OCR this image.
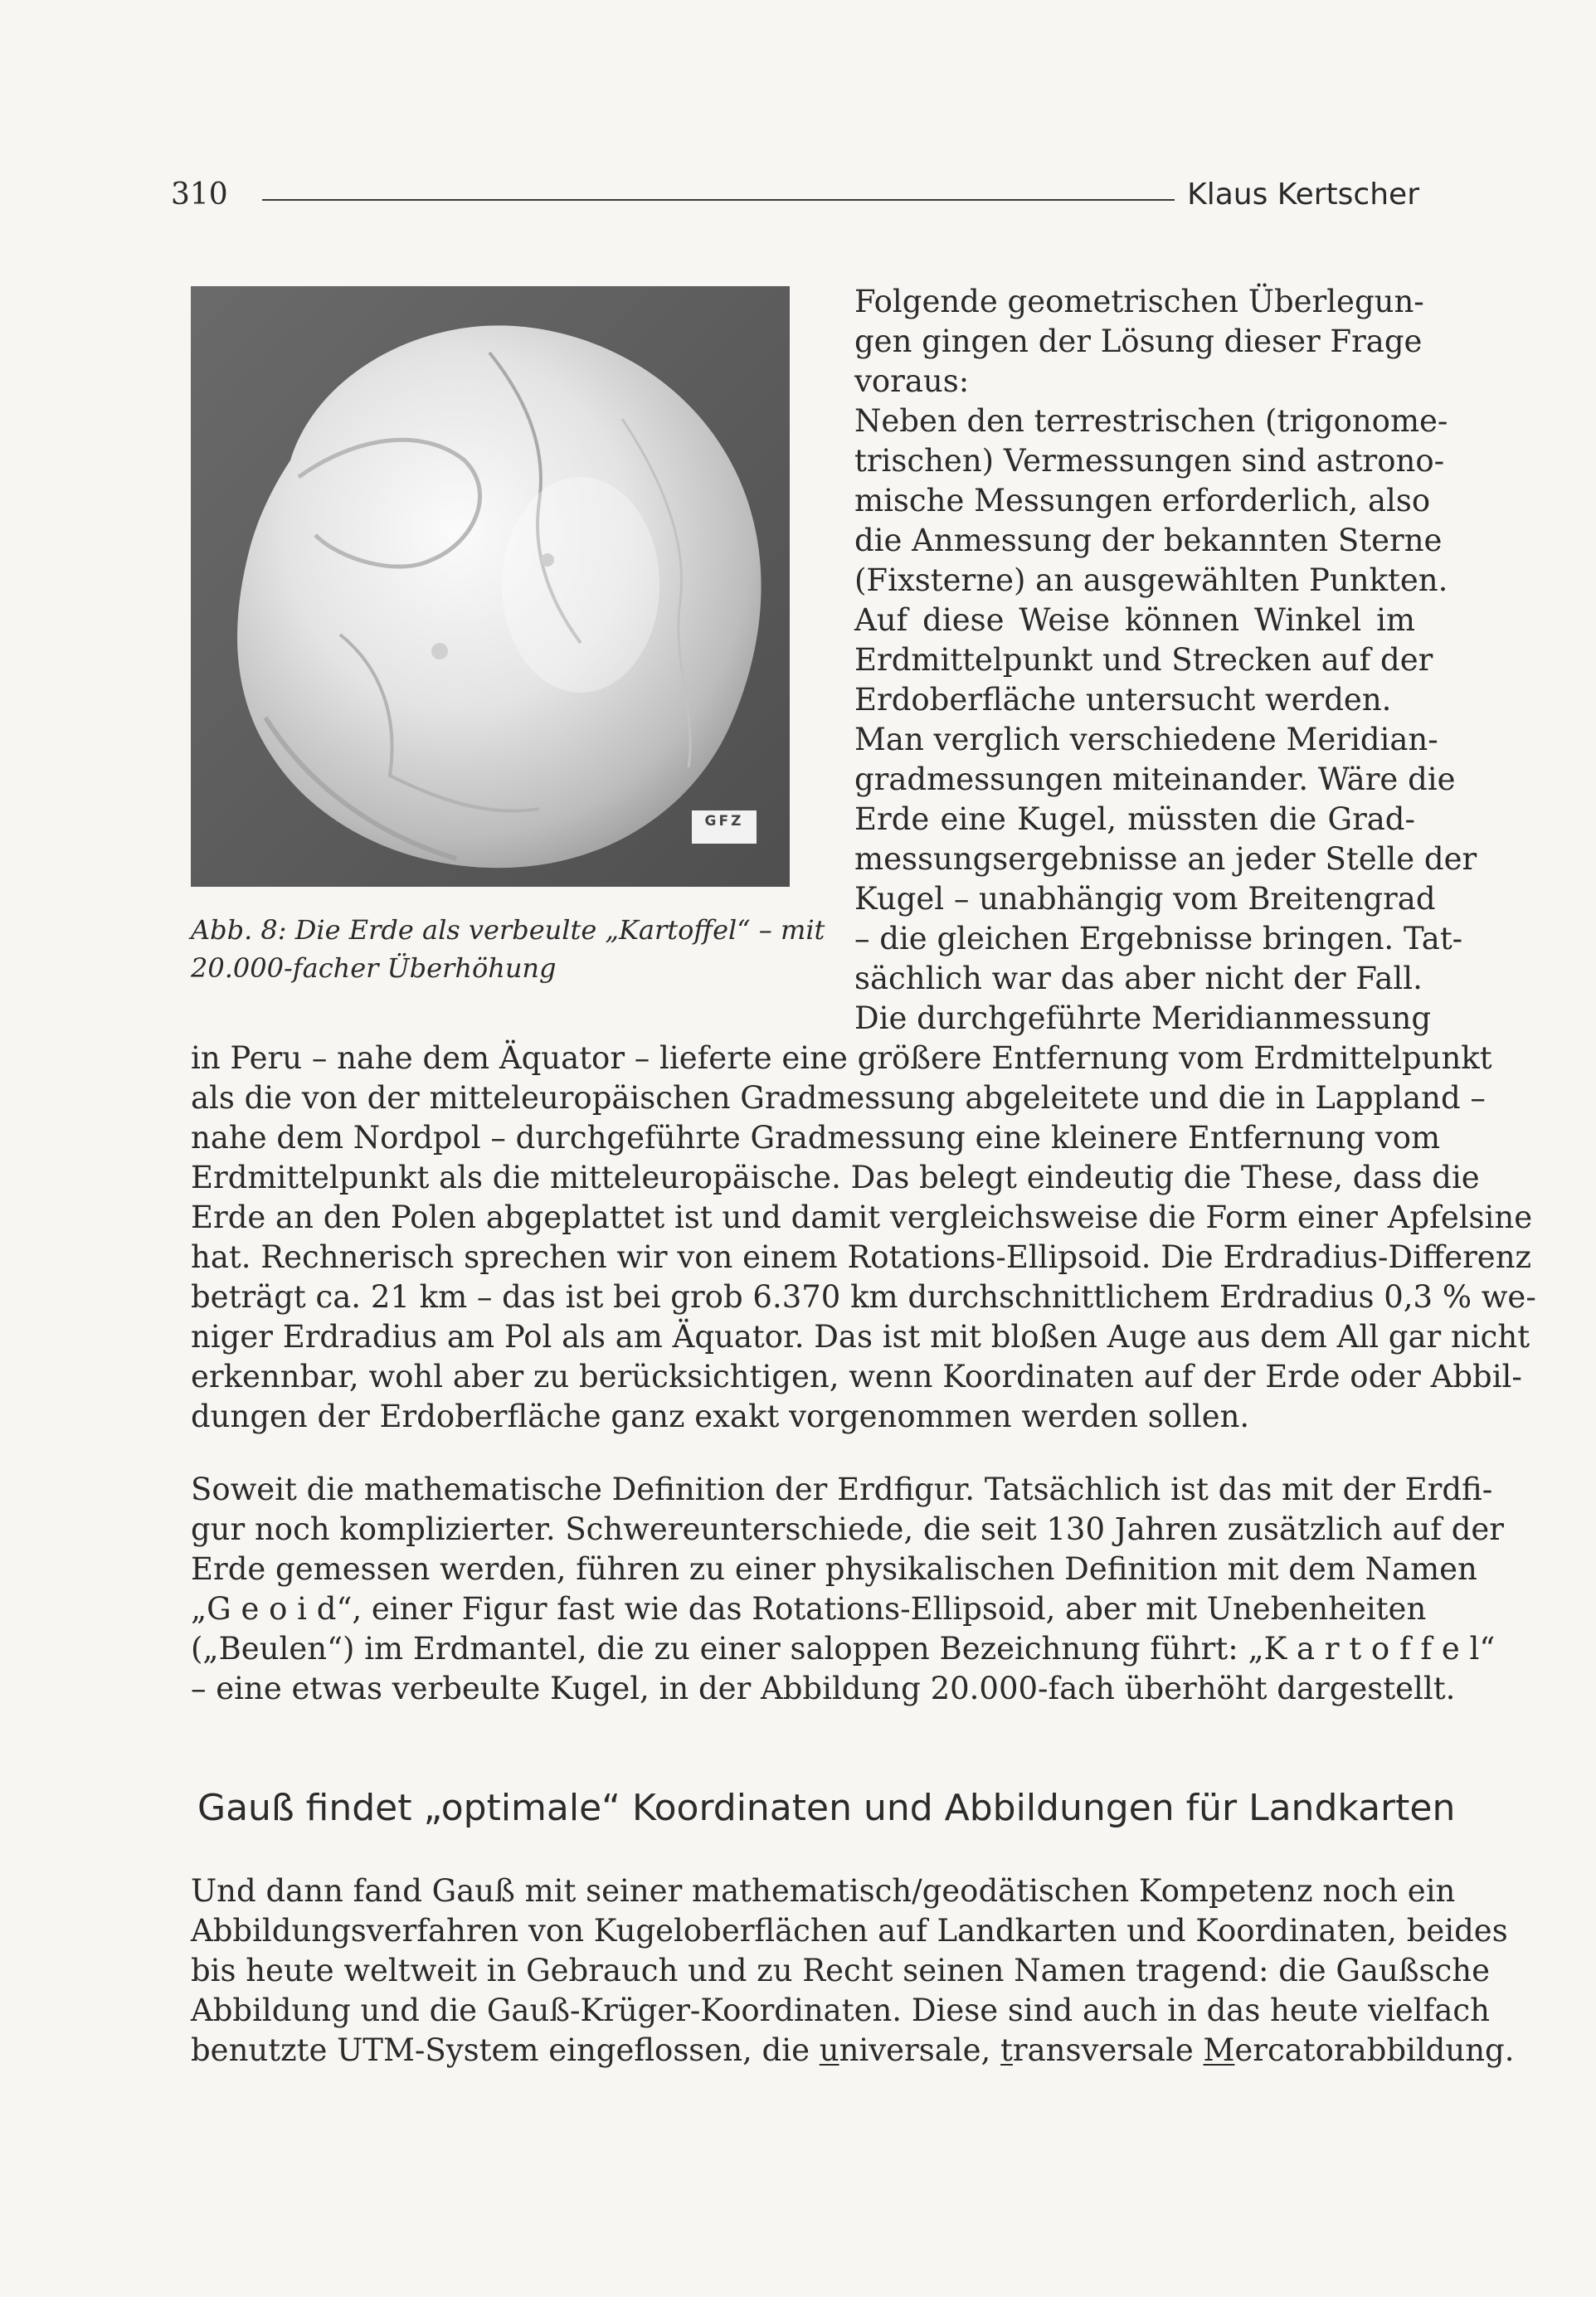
310	Klaus Kertscher
GFZ
Abb. 8: Die Erde als verbeulte „Kartoffel“ – mit
20.000-facher Überhöhung
Folgende geometrischen Überlegun-
gen gingen der Lösung dieser Frage
voraus:
Neben den terrestrischen (trigonome-
trischen) Vermessungen sind astrono-
mische Messungen erforderlich, also
die Anmessung der bekannten Sterne
(Fixsterne) an ausgewählten Punkten.
Auf diese Weise können Winkel im
Erdmittelpunkt und Strecken auf der
Erdoberfläche untersucht werden.
Man verglich verschiedene Meridian-
gradmessungen miteinander. Wäre die
Erde eine Kugel, müssten die Grad-
messungsergebnisse an jeder Stelle der
Kugel – unabhängig vom Breitengrad
– die gleichen Ergebnisse bringen. Tat-
sächlich war das aber nicht der Fall.
Die durchgeführte Meridianmessung
in Peru – nahe dem Äquator – lieferte eine größere Entfernung vom Erdmittelpunkt
als die von der mitteleuropäischen Gradmessung abgeleitete und die in Lappland –
nahe dem Nordpol – durchgeführte Gradmessung eine kleinere Entfernung vom
Erdmittelpunkt als die mitteleuropäische. Das belegt eindeutig die These, dass die
Erde an den Polen abgeplattet ist und damit vergleichsweise die Form einer Apfelsine
hat. Rechnerisch sprechen wir von einem Rotations-Ellipsoid. Die Erdradius-Differenz
beträgt ca. 21 km – das ist bei grob 6.370 km durchschnittlichem Erdradius 0,3 % we-
niger Erdradius am Pol als am Äquator. Das ist mit bloßen Auge aus dem All gar nicht
erkennbar, wohl aber zu berücksichtigen, wenn Koordinaten auf der Erde oder Abbil-
dungen der Erdoberfläche ganz exakt vorgenommen werden sollen.
Soweit die mathematische Definition der Erdfigur. Tatsächlich ist das mit der Erdfi-
gur noch komplizierter. Schwereunterschiede, die seit 130 Jahren zusätzlich auf der
Erde gemessen werden, führen zu einer physikalischen Definition mit dem Namen
„G e o i d“, einer Figur fast wie das Rotations-Ellipsoid, aber mit Unebenheiten
(„Beulen“) im Erdmantel, die zu einer saloppen Bezeichnung führt: „K a r t o f f e l“
– eine etwas verbeulte Kugel, in der Abbildung 20.000-fach überhöht dargestellt.
Gauß findet „optimale“ Koordinaten und Abbildungen für Landkarten
Und dann fand Gauß mit seiner mathematisch/geodätischen Kompetenz noch ein
Abbildungsverfahren von Kugeloberflächen auf Landkarten und Koordinaten, beides
bis heute weltweit in Gebrauch und zu Recht seinen Namen tragend: die Gaußsche
Abbildung und die Gauß-Krüger-Koordinaten. Diese sind auch in das heute vielfach
benutzte UTM-System eingeflossen, die universale, transversale Mercatorabbildung.
